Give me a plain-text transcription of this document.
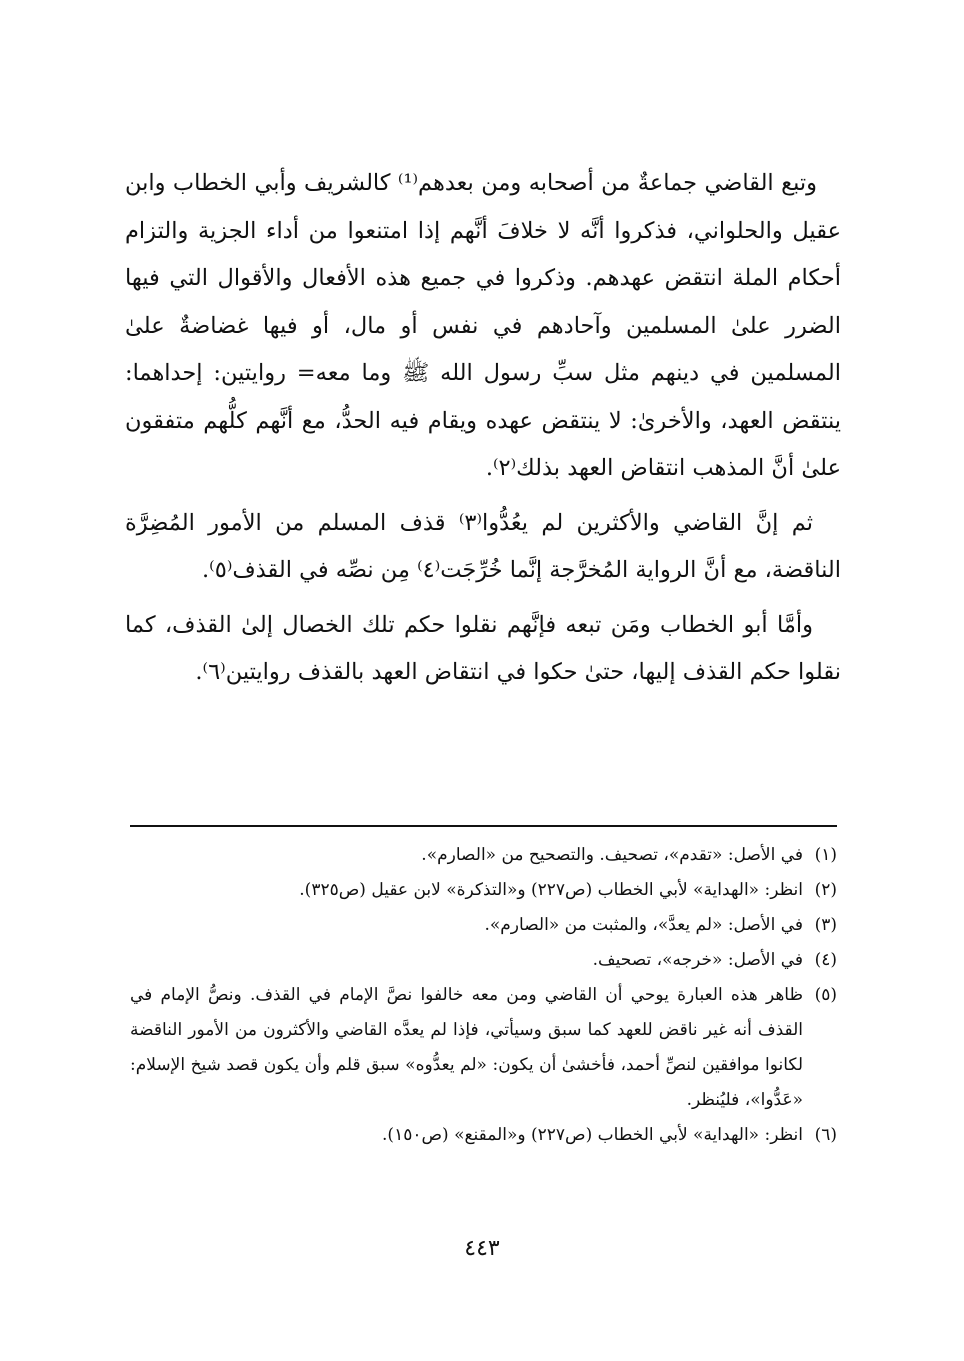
وتبع القاضي جماعةٌ من أصحابه ومن بعدهم⁽¹⁾ كالشريف وأبي الخطاب وابن عقيل والحلواني، فذكروا أنَّه لا خلافَ أنَّهم إذا امتنعوا من أداء الجزية والتزام أحكام الملة انتقض عهدهم. وذكروا في جميع هذه الأفعال والأقوال التي فيها الضرر علىٰ المسلمين وآحادهم في نفس أو مال، أو فيها غضاضةٌ علىٰ المسلمين في دينهم مثل سبِّ رسول الله ﷺ وما معه= روايتين: إحداهما: ينتقض العهد، والأخرىٰ: لا ينتقض عهده ويقام فيه الحدُّ، مع أنَّهم كلُّهم متفقون علىٰ أنَّ المذهب انتقاض العهد بذلك⁽٢⁾.

ثم إنَّ القاضي والأكثرين لم يعُدُّوا⁽٣⁾ قذف المسلم من الأمور المُضِرَّة الناقضة، مع أنَّ الرواية المُخرَّجة إنَّما خُرِّجَت⁽٤⁾ مِن نصِّه في القذف⁽٥⁾.

وأمَّا أبو الخطاب ومَن تبعه فإنَّهم نقلوا حكم تلك الخصال إلىٰ القذف، كما نقلوا حكم القذف إليها، حتىٰ حكوا في انتقاض العهد بالقذف روايتين⁽٦⁾.

(١)
في الأصل: «تقدم»، تصحيف. والتصحيح من «الصارم».
(٢)
انظر: «الهداية» لأبي الخطاب (ص٢٢٧) و«التذكرة» لابن عقيل (ص٣٢٥).
(٣)
في الأصل: «لم يعدَّ»، والمثبت من «الصارم».
(٤)
في الأصل: «خرجه»، تصحيف.
(٥)
ظاهر هذه العبارة يوحي أن القاضي ومن معه خالفوا نصَّ الإمام في القذف. ونصُّ الإمام في القذف أنه غير ناقض للعهد كما سبق وسيأتي، فإذا لم يعدَّه القاضي والأكثرون من الأمور الناقضة لكانوا موافقين لنصِّ أحمد، فأخشىٰ أن يكون: «لم يعدُّوه» سبق قلم وأن يكون قصد شيخ الإسلام: «عَدُّوا»، فليُنظر.
(٦)
انظر: «الهداية» لأبي الخطاب (ص٢٢٧) و«المقنع» (ص١٥٠).
٤٤٣
